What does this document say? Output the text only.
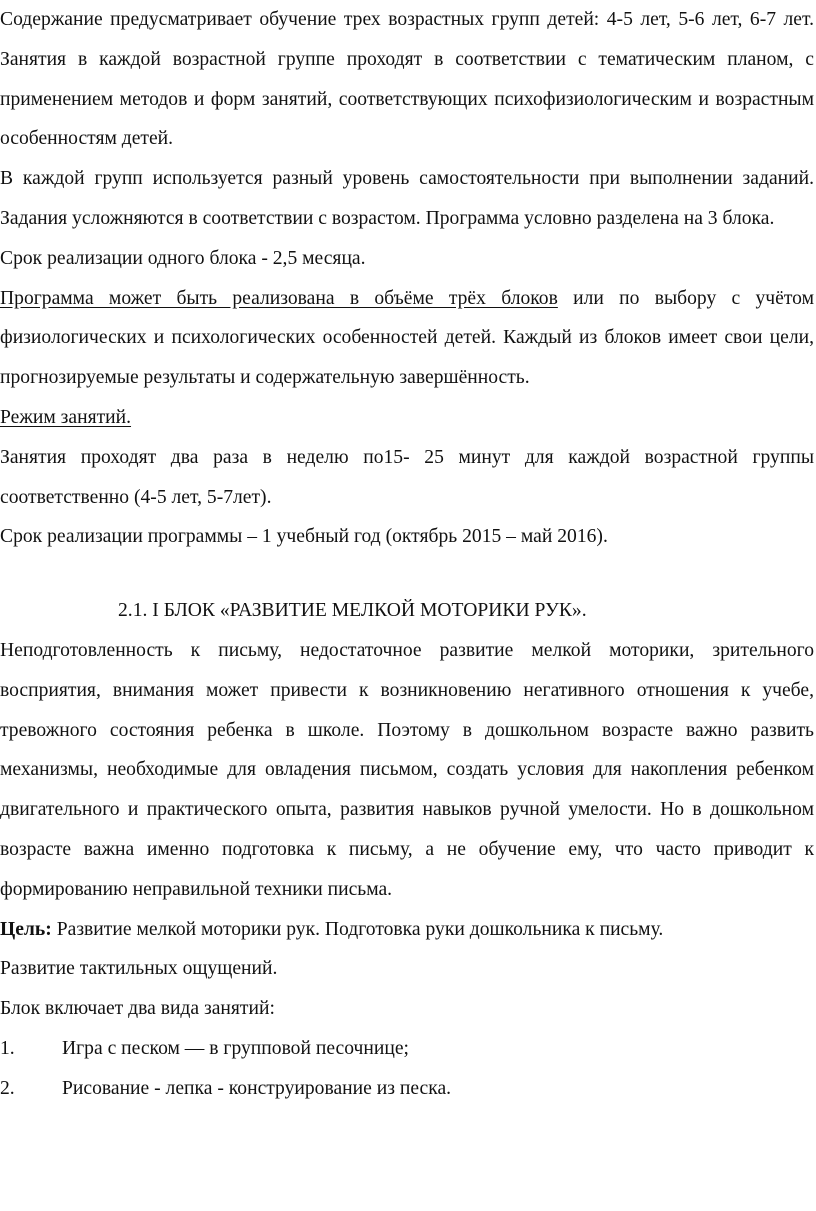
Содержание предусматривает обучение трех возрастных групп детей: 4-5 лет, 5-6 лет, 6-7 лет. Занятия в каждой возрастной группе проходят в соответствии с тематическим планом, с применением методов и форм занятий, соответствующих психофизиологическим и возрастным особенностям детей.

В каждой групп используется разный уровень самостоятельности при выполнении заданий. Задания усложняются в соответствии с возрастом. Программа условно разделена на 3 блока.

Срок реализации одного блока - 2,5 месяца.

Программа может быть реализована в объёме трёх блоков или по выбору с учётом физиологических и психологических особенностей детей. Каждый из блоков имеет свои цели, прогнозируемые результаты и содержательную завершённость.

Режим занятий.

Занятия проходят два раза в неделю по15- 25 минут для каждой возрастной группы соответственно (4-5 лет, 5-7лет).

Срок реализации программы – 1 учебный год (октябрь 2015 – май 2016).

2.1. I БЛОК «РАЗВИТИЕ МЕЛКОЙ МОТОРИКИ РУК».

Неподготовленность к письму, недостаточное развитие мелкой моторики, зрительного восприятия, внимания может привести к возникновению негативного отношения к учебе, тревожного состояния ребенка в школе. Поэтому в дошкольном возрасте важно развить механизмы, необходимые для овладения письмом, создать условия для накопления ребенком двигательного и практического опыта, развития навыков ручной умелости. Но в дошкольном возрасте важна именно подготовка к письму, а не обучение ему, что часто приводит к формированию неправильной техники письма.

Цель: Развитие мелкой моторики рук. Подготовка руки дошкольника к письму.

Развитие тактильных ощущений.

Блок включает два вида занятий:

1.	Игра с песком — в групповой песочнице;
2.	Рисование - лепка - конструирование из песка.
